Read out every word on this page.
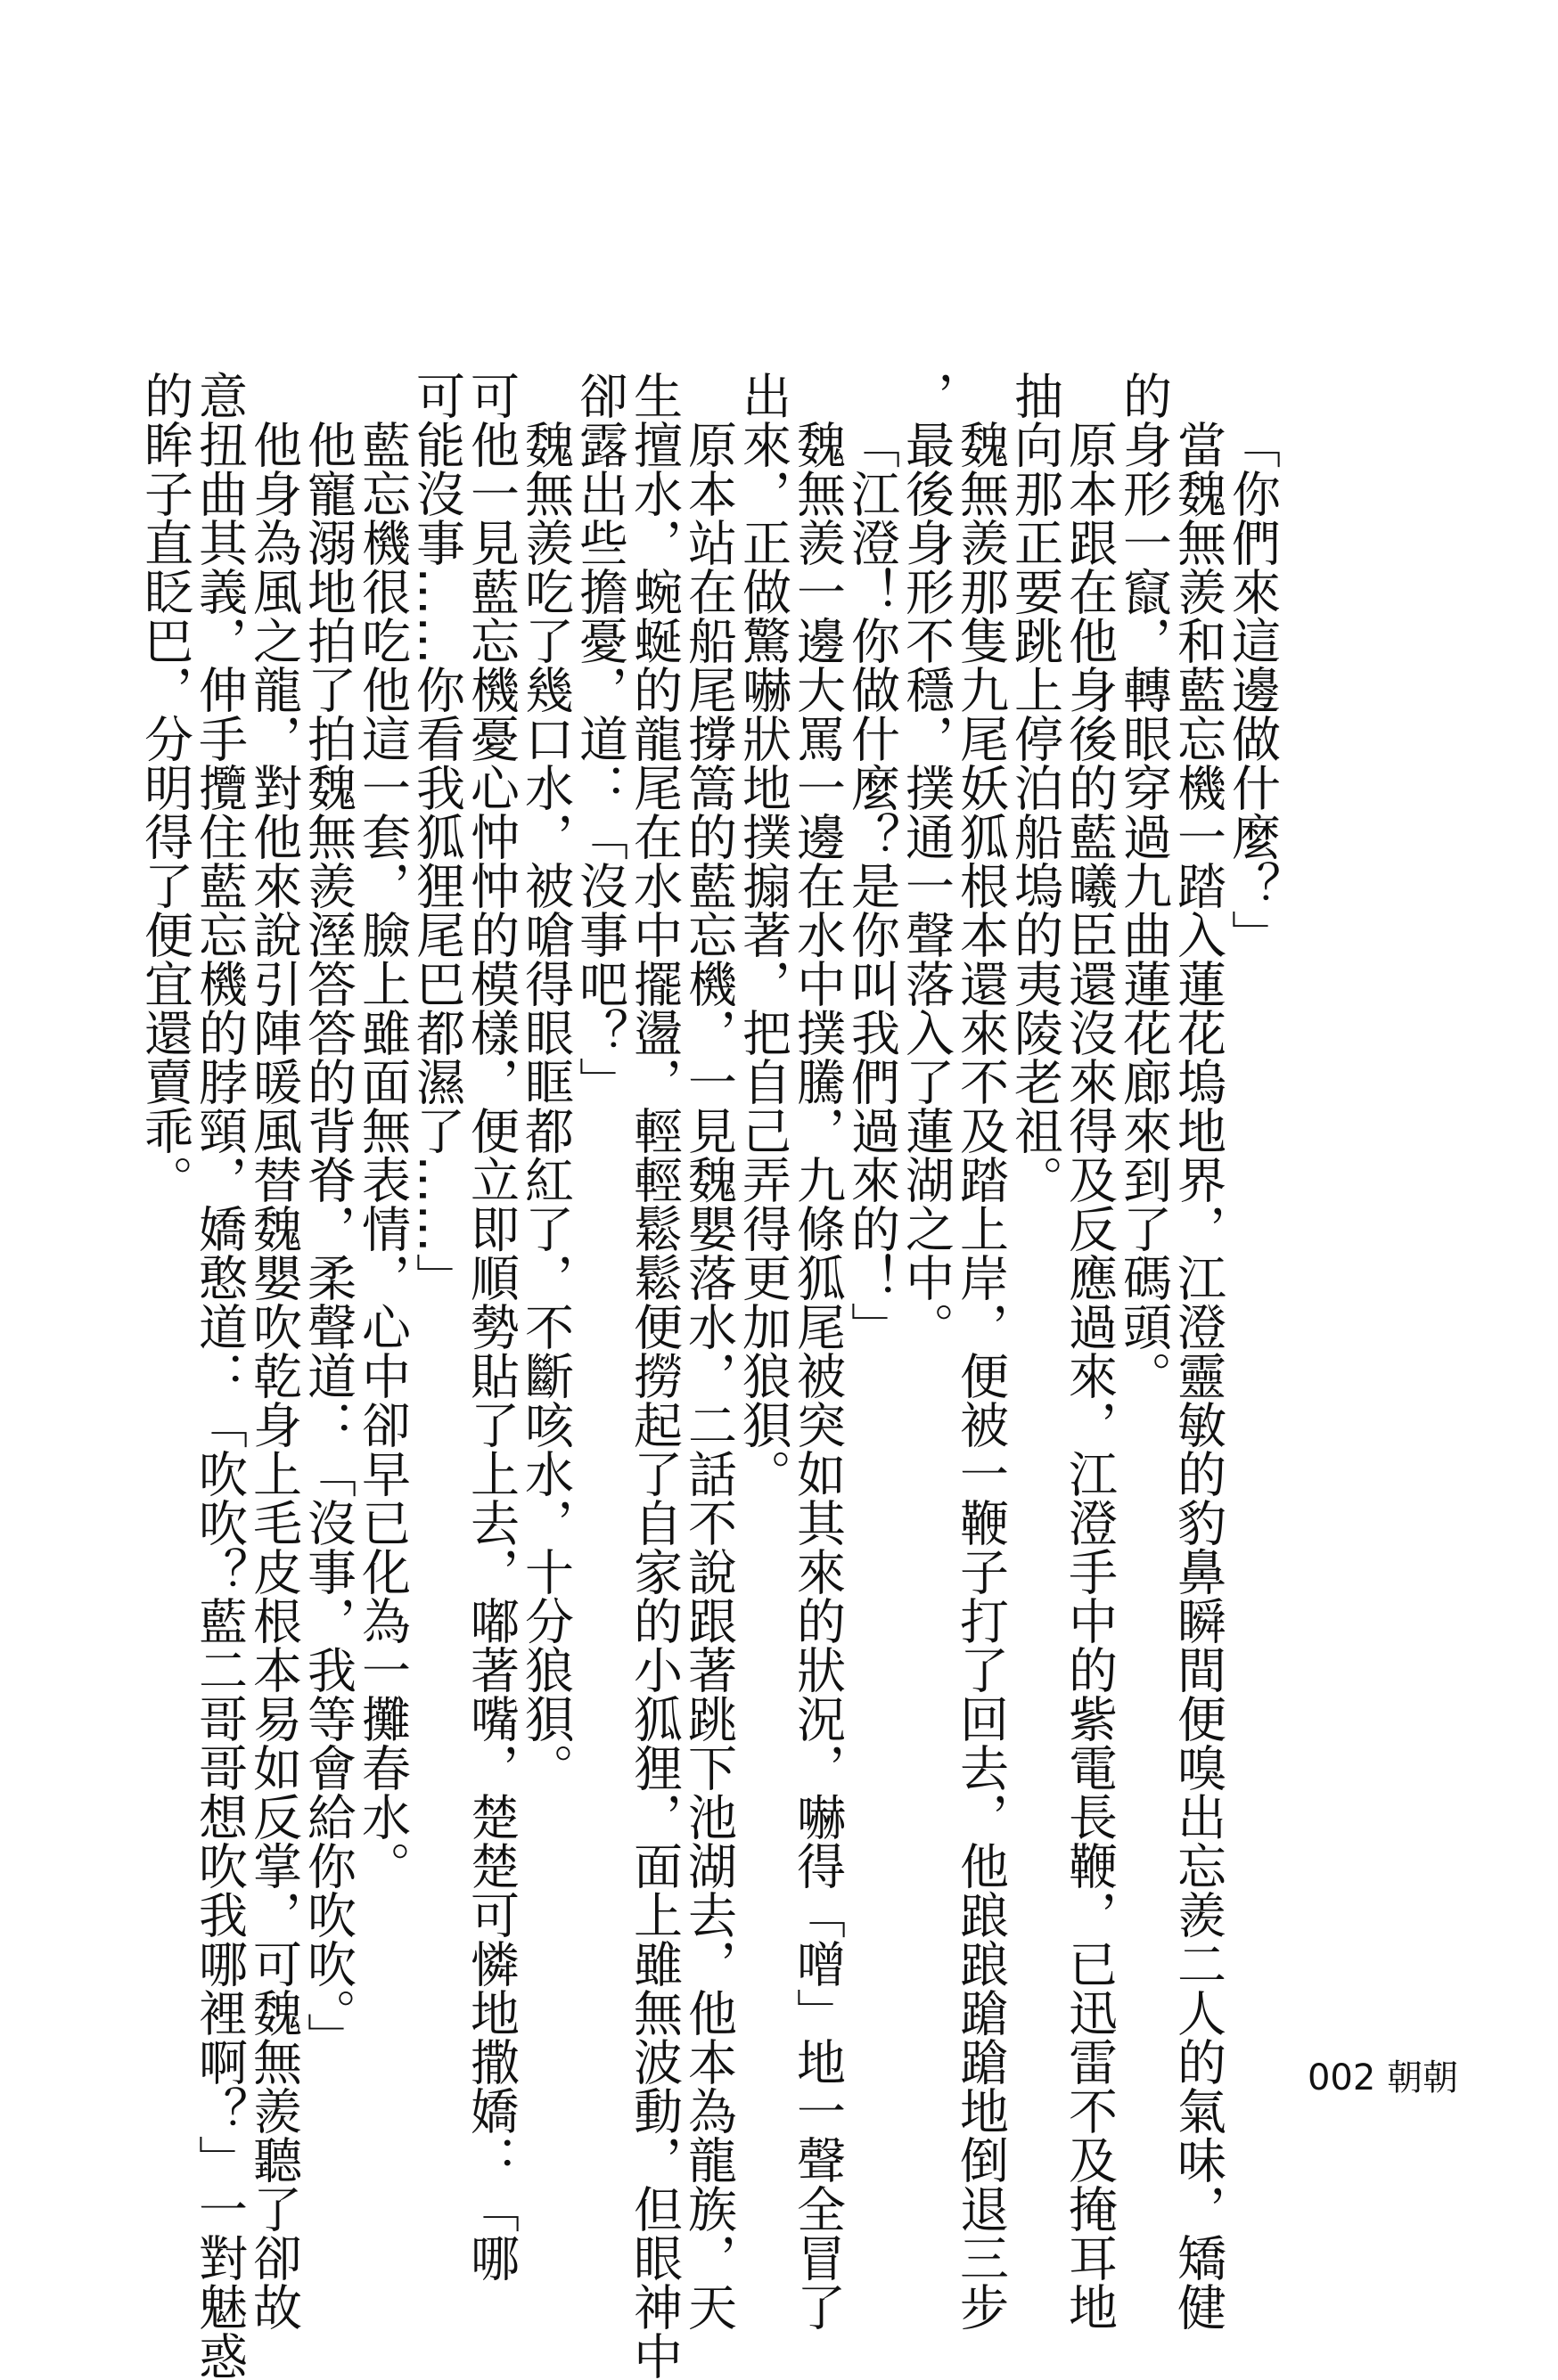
「你們來這邊做什麼？」
當魏無羨和藍忘機一踏入蓮花塢地界，江澄靈敏的豹鼻瞬間便嗅出忘羨二人的氣味，矯健
的身形一竄，轉眼穿過九曲蓮花廊來到了碼頭。
原本跟在他身後的藍曦臣還沒來得及反應過來，江澄手中的紫電長鞭，已迅雷不及掩耳地
抽向那正要跳上停泊船塢的夷陵老祖。
魏無羨那隻九尾妖狐根本還來不及踏上岸，便被一鞭子打了回去，他踉踉蹌蹌地倒退三步
，最後身形不穩，撲通一聲落入了蓮湖之中。
「江澄！你做什麼？是你叫我們過來的！」
魏無羨一邊大罵一邊在水中撲騰，九條狐尾被突如其來的狀況，嚇得「噌」地一聲全冒了
出來，正做驚嚇狀地撲搧著，把自己弄得更加狼狽。
原本站在船尾撐篙的藍忘機，一見魏嬰落水，二話不說跟著跳下池湖去，他本為龍族，天
生擅水，蜿蜒的龍尾在水中擺盪，輕輕鬆鬆便撈起了自家的小狐狸，面上雖無波動，但眼神中
卻露出些擔憂，道：「沒事吧？」
魏無羨吃了幾口水，被嗆得眼眶都紅了，不斷咳水，十分狼狽。
可他一見藍忘機憂心忡忡的模樣，便立即順勢貼了上去，嘟著嘴，楚楚可憐地撒嬌：「哪
可能沒事……你看我狐狸尾巴都濕了……」
藍忘機很吃他這一套，臉上雖面無表情，心中卻早已化為一攤春水。
他寵溺地拍了拍魏無羨溼答答的背脊，柔聲道：「沒事，我等會給你吹吹。」
他身為風之龍，對他來說引陣暖風替魏嬰吹乾身上毛皮根本易如反掌，可魏無羨聽了卻故
意扭曲其義，伸手攬住藍忘機的脖頸，嬌憨道：「吹吹？藍二哥哥想吹我哪裡啊？」一對魅惑
的眸子直眨巴，分明得了便宜還賣乖。
002 朝朝
